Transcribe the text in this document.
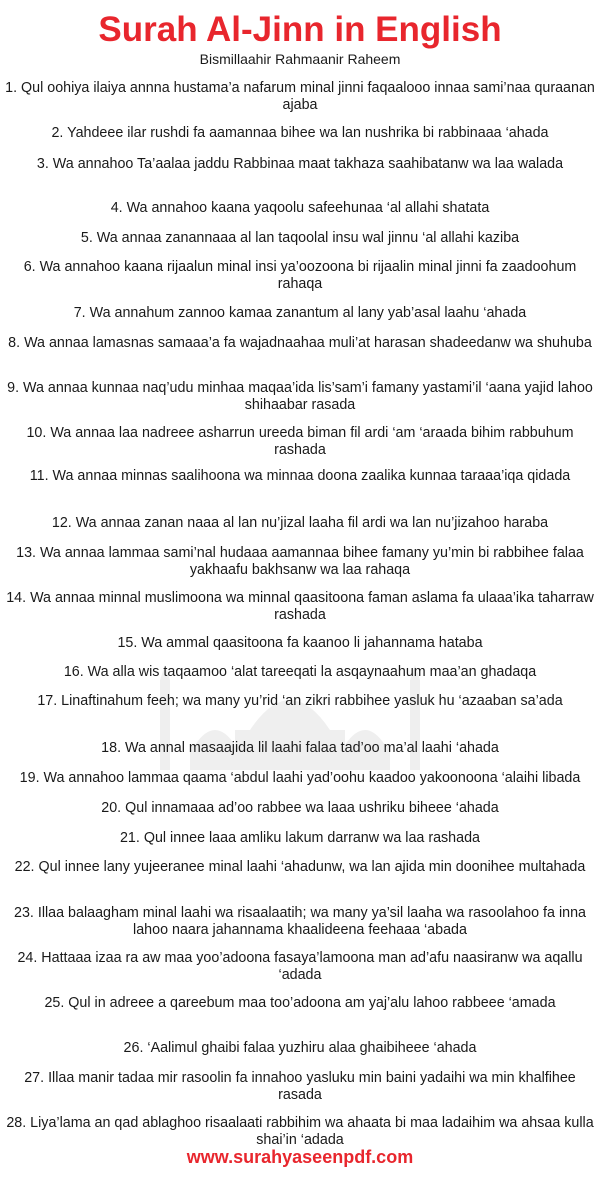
Surah Al-Jinn in English
Bismillaahir Rahmaanir Raheem
1. Qul oohiya ilaiya annna hustama’a nafarum minal jinni faqaalooo innaa sami’naa quraanan ajaba
2. Yahdeee ilar rushdi fa aamannaa bihee wa lan nushrika bi rabbinaaa ‘ahada
3. Wa annahoo Ta’aalaa jaddu Rabbinaa maat takhaza saahibatanw wa laa walada
4. Wa annahoo kaana yaqoolu safeehunaa ‘al allahi shatata
5. Wa annaa zanannaaa al lan taqoolal insu wal jinnu ‘al allahi kaziba
6. Wa annahoo kaana rijaalun minal insi ya’oozoona bi rijaalin minal jinni fa zaadoohum rahaqa
7. Wa annahum zannoo kamaa zanantum al lany yab’asal laahu ‘ahada
8. Wa annaa lamasnas samaaa’a fa wajadnaahaa muli’at harasan shadeedanw wa shuhuba
9. Wa annaa kunnaa naq’udu minhaa maqaa’ida lis’sam’i famany yastami’il ‘aana yajid lahoo shihaabar rasada
10. Wa annaa laa nadreee asharrun ureeda biman fil ardi ‘am ‘araada bihim rabbuhum rashada
11. Wa annaa minnas saalihoona wa minnaa doona zaalika kunnaa taraaa’iqa qidada
12. Wa annaa zanan naaa al lan nu’jizal laaha fil ardi wa lan nu’jizahoo haraba
13. Wa annaa lammaa sami’nal hudaaa aamannaa bihee famany yu’min bi rabbihee falaa yakhaafu bakhsanw wa laa rahaqa
14. Wa annaa minnal muslimoona wa minnal qaasitoona faman aslama fa ulaaa’ika taharraw rashada
15. Wa ammal qaasitoona fa kaanoo li jahannama hataba
16. Wa alla wis taqaamoo ‘alat tareeqati la asqaynaahum maa’an ghadaqa
17. Linaftinahum feeh; wa many yu’rid ‘an zikri rabbihee yasluk hu ‘azaaban sa’ada
18. Wa annal masaajida lil laahi falaa tad’oo ma’al laahi ‘ahada
19. Wa annahoo lammaa qaama ‘abdul laahi yad’oohu kaadoo yakoonoona ‘alaihi libada
20. Qul innamaaa ad’oo rabbee wa laaa ushriku biheee ‘ahada
21. Qul innee laaa amliku lakum darranw wa laa rashada
22. Qul innee lany yujeeranee minal laahi ‘ahadunw, wa lan ajida min doonihee multahada
23. Illaa balaagham minal laahi wa risaalaatih; wa many ya’sil laaha wa rasoolahoo fa inna lahoo naara jahannama khaalideena feehaaa ‘abada
24. Hattaaa izaa ra aw maa yoo’adoona fasaya’lamoona man ad’afu naasiranw wa aqallu ‘adada
25. Qul in adreee a qareebum maa too’adoona am yaj’alu lahoo rabbeee ‘amada
26. ‘Aalimul ghaibi falaa yuzhiru alaa ghaibiheee ‘ahada
27. Illaa manir tadaa mir rasoolin fa innahoo yasluku min baini yadaihi wa min khalfihee rasada
28. Liya’lama an qad ablaghoo risaalaati rabbihim wa ahaata bi maa ladaihim wa ahsaa kulla shai’in ‘adada
www.surahyaseenpdf.com
